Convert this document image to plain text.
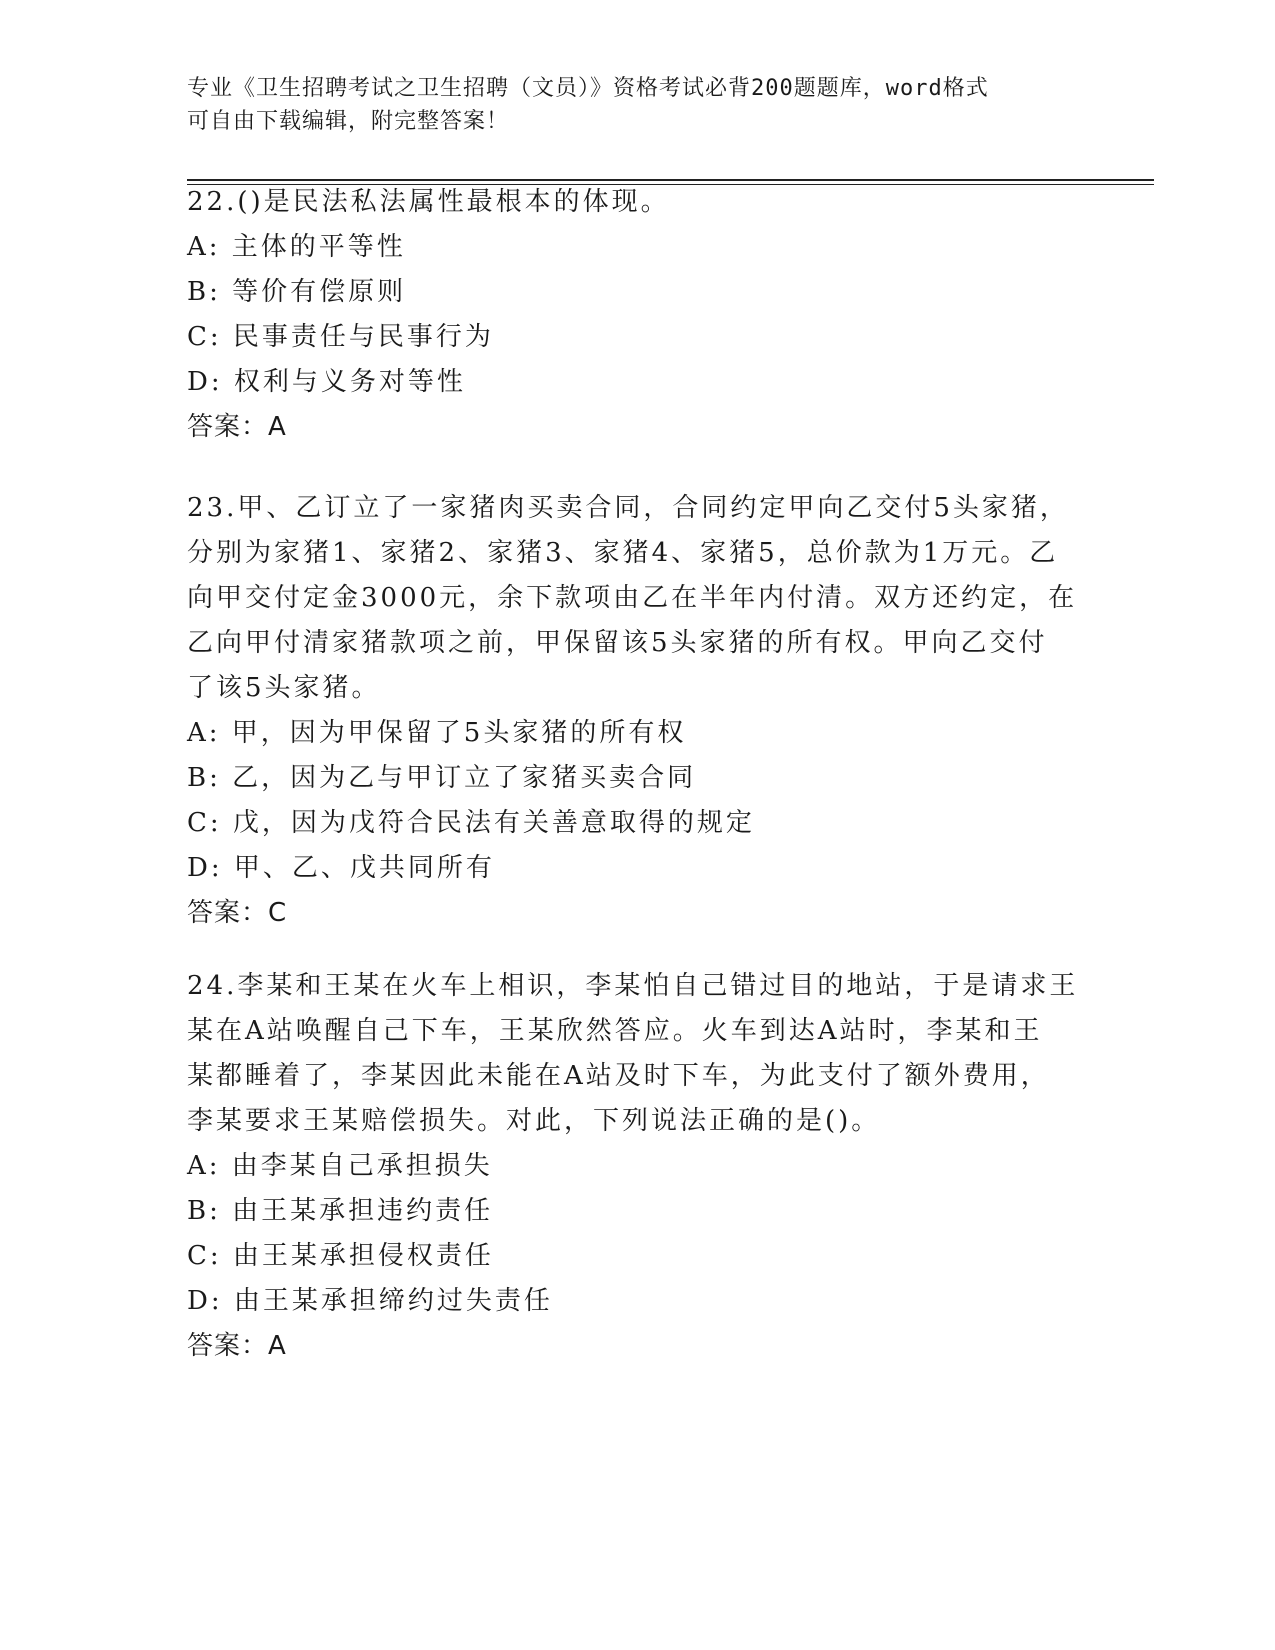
专业《卫生招聘考试之卫生招聘（文员）》资格考试必背200题题库，word格式
可自由下载编辑，附完整答案！
22.()是民法私法属性最根本的体现。
A: 主体的平等性
B: 等价有偿原则
C: 民事责任与民事行为
D: 权利与义务对等性
答案：A
23.甲、乙订立了一家猪肉买卖合同，合同约定甲向乙交付5头家猪，
分别为家猪1、家猪2、家猪3、家猪4、家猪5，总价款为1万元。乙
向甲交付定金3000元，余下款项由乙在半年内付清。双方还约定，在
乙向甲付清家猪款项之前，甲保留该5头家猪的所有权。甲向乙交付
了该5头家猪。
A: 甲，因为甲保留了5头家猪的所有权
B: 乙，因为乙与甲订立了家猪买卖合同
C: 戊，因为戊符合民法有关善意取得的规定
D: 甲、乙、戊共同所有
答案：C
24.李某和王某在火车上相识，李某怕自己错过目的地站，于是请求王
某在A站唤醒自己下车，王某欣然答应。火车到达A站时，李某和王
某都睡着了，李某因此未能在A站及时下车，为此支付了额外费用，
李某要求王某赔偿损失。对此，下列说法正确的是()。
A: 由李某自己承担损失
B: 由王某承担违约责任
C: 由王某承担侵权责任
D: 由王某承担缔约过失责任
答案：A
